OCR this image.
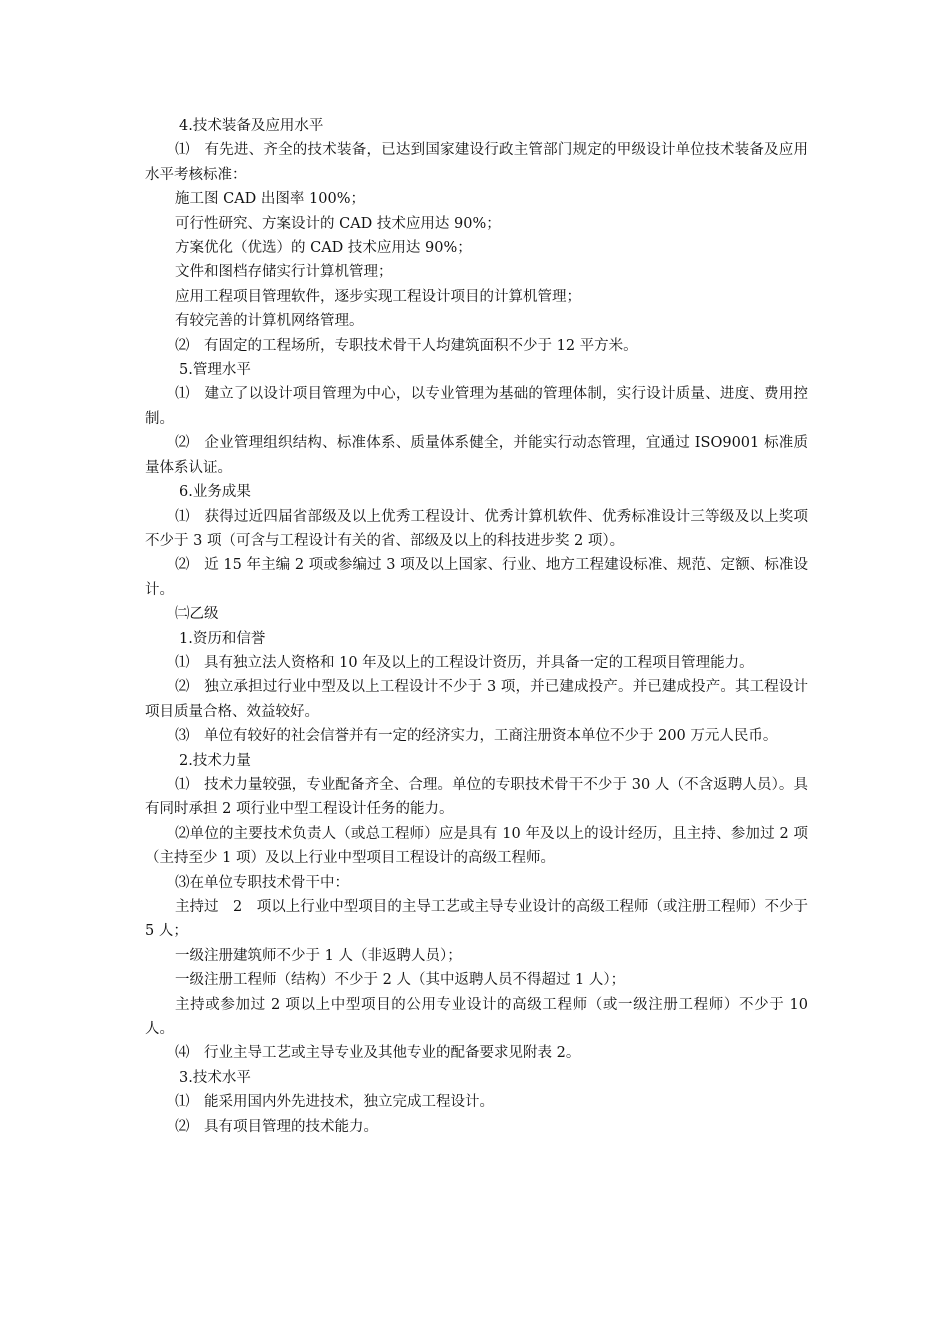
4.技术装备及应用水平

⑴　有先进、齐全的技术装备，已达到国家建设行政主管部门规定的甲级设计单位技术装备及应用水平考核标准：

施工图 CAD 出图率 100%；

可行性研究、方案设计的 CAD 技术应用达 90%；

方案优化（优选）的 CAD 技术应用达 90%；

文件和图档存储实行计算机管理；

应用工程项目管理软件，逐步实现工程设计项目的计算机管理；

有较完善的计算机网络管理。

⑵　有固定的工程场所，专职技术骨干人均建筑面积不少于 12 平方米。

5.管理水平

⑴　建立了以设计项目管理为中心，以专业管理为基础的管理体制，实行设计质量、进度、费用控制。

⑵　企业管理组织结构、标准体系、质量体系健全，并能实行动态管理，宜通过 ISO9001 标准质量体系认证。

6.业务成果

⑴　获得过近四届省部级及以上优秀工程设计、优秀计算机软件、优秀标准设计三等级及以上奖项不少于 3 项（可含与工程设计有关的省、部级及以上的科技进步奖 2 项）。

⑵　近 15 年主编 2 项或参编过 3 项及以上国家、行业、地方工程建设标准、规范、定额、标准设计。

㈡乙级

1.资历和信誉

⑴　具有独立法人资格和 10 年及以上的工程设计资历，并具备一定的工程项目管理能力。

⑵　独立承担过行业中型及以上工程设计不少于 3 项，并已建成投产。并已建成投产。其工程设计项目质量合格、效益较好。

⑶　单位有较好的社会信誉并有一定的经济实力，工商注册资本单位不少于 200 万元人民币。

2.技术力量

⑴　技术力量较强，专业配备齐全、合理。单位的专职技术骨干不少于 30 人（不含返聘人员）。具有同时承担 2 项行业中型工程设计任务的能力。

⑵单位的主要技术负责人（或总工程师）应是具有 10 年及以上的设计经历，且主持、参加过 2 项（主持至少 1 项）及以上行业中型项目工程设计的高级工程师。

⑶在单位专职技术骨干中：

主持过　2　项以上行业中型项目的主导工艺或主导专业设计的高级工程师（或注册工程师）不少于 5 人；

一级注册建筑师不少于 1 人（非返聘人员）；

一级注册工程师（结构）不少于 2 人（其中返聘人员不得超过 1 人）；

主持或参加过 2 项以上中型项目的公用专业设计的高级工程师（或一级注册工程师）不少于 10 人。

⑷　行业主导工艺或主导专业及其他专业的配备要求见附表 2。

3.技术水平

⑴　能采用国内外先进技术，独立完成工程设计。

⑵　具有项目管理的技术能力。
